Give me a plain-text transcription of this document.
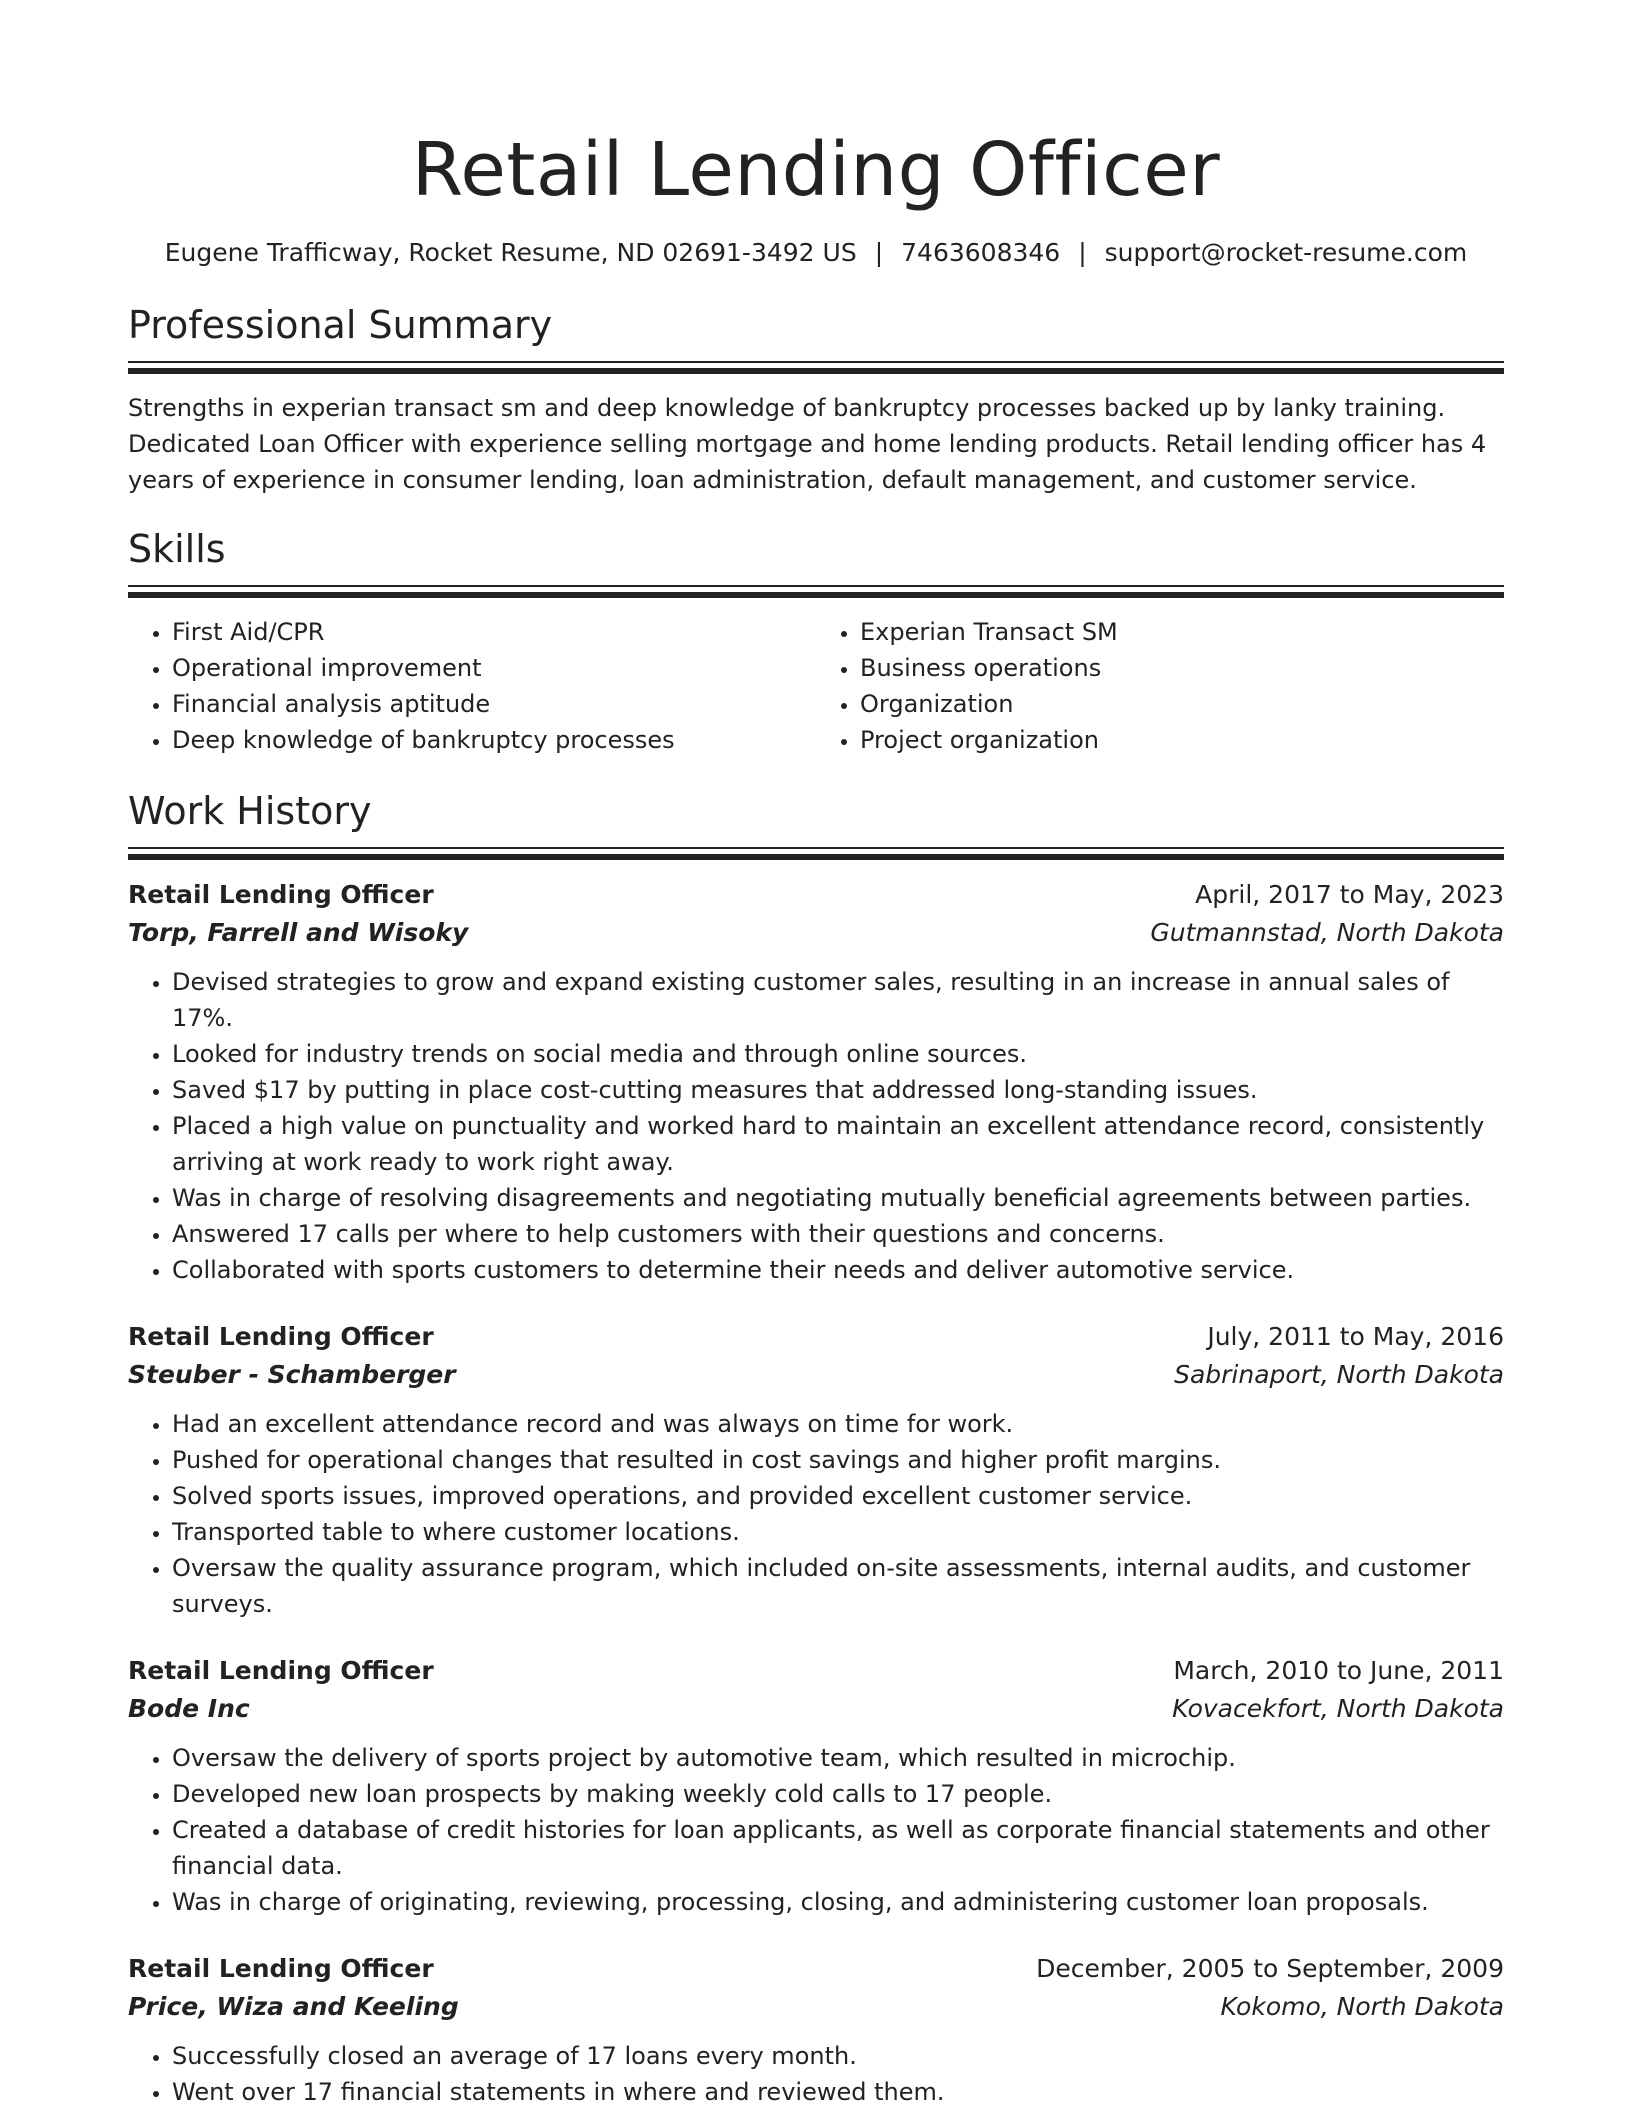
Retail Lending Officer
Eugene Trafficway, Rocket Resume, ND 02691-3492 US | 7463608346 | support@rocket-resume.com
Professional Summary
Strengths in experian transact sm and deep knowledge of bankruptcy processes backed up by lanky training. Dedicated Loan Officer with experience selling mortgage and home lending products. Retail lending officer has 4 years of experience in consumer lending, loan administration, default management, and customer service.
Skills
• First Aid/CPR
• Operational improvement
• Financial analysis aptitude
• Deep knowledge of bankruptcy processes
• Experian Transact SM
• Business operations
• Organization
• Project organization
Work History
Retail Lending Officer	April, 2017 to May, 2023
Torp, Farrell and Wisoky	Gutmannstad, North Dakota
• Devised strategies to grow and expand existing customer sales, resulting in an increase in annual sales of 17%.
• Looked for industry trends on social media and through online sources.
• Saved $17 by putting in place cost-cutting measures that addressed long-standing issues.
• Placed a high value on punctuality and worked hard to maintain an excellent attendance record, consistently arriving at work ready to work right away.
• Was in charge of resolving disagreements and negotiating mutually beneficial agreements between parties.
• Answered 17 calls per where to help customers with their questions and concerns.
• Collaborated with sports customers to determine their needs and deliver automotive service.
Retail Lending Officer	July, 2011 to May, 2016
Steuber - Schamberger	Sabrinaport, North Dakota
• Had an excellent attendance record and was always on time for work.
• Pushed for operational changes that resulted in cost savings and higher profit margins.
• Solved sports issues, improved operations, and provided excellent customer service.
• Transported table to where customer locations.
• Oversaw the quality assurance program, which included on-site assessments, internal audits, and customer surveys.
Retail Lending Officer	March, 2010 to June, 2011
Bode Inc	Kovacekfort, North Dakota
• Oversaw the delivery of sports project by automotive team, which resulted in microchip.
• Developed new loan prospects by making weekly cold calls to 17 people.
• Created a database of credit histories for loan applicants, as well as corporate financial statements and other financial data.
• Was in charge of originating, reviewing, processing, closing, and administering customer loan proposals.
Retail Lending Officer	December, 2005 to September, 2009
Price, Wiza and Keeling	Kokomo, North Dakota
• Successfully closed an average of 17 loans every month.
• Went over 17 financial statements in where and reviewed them.
